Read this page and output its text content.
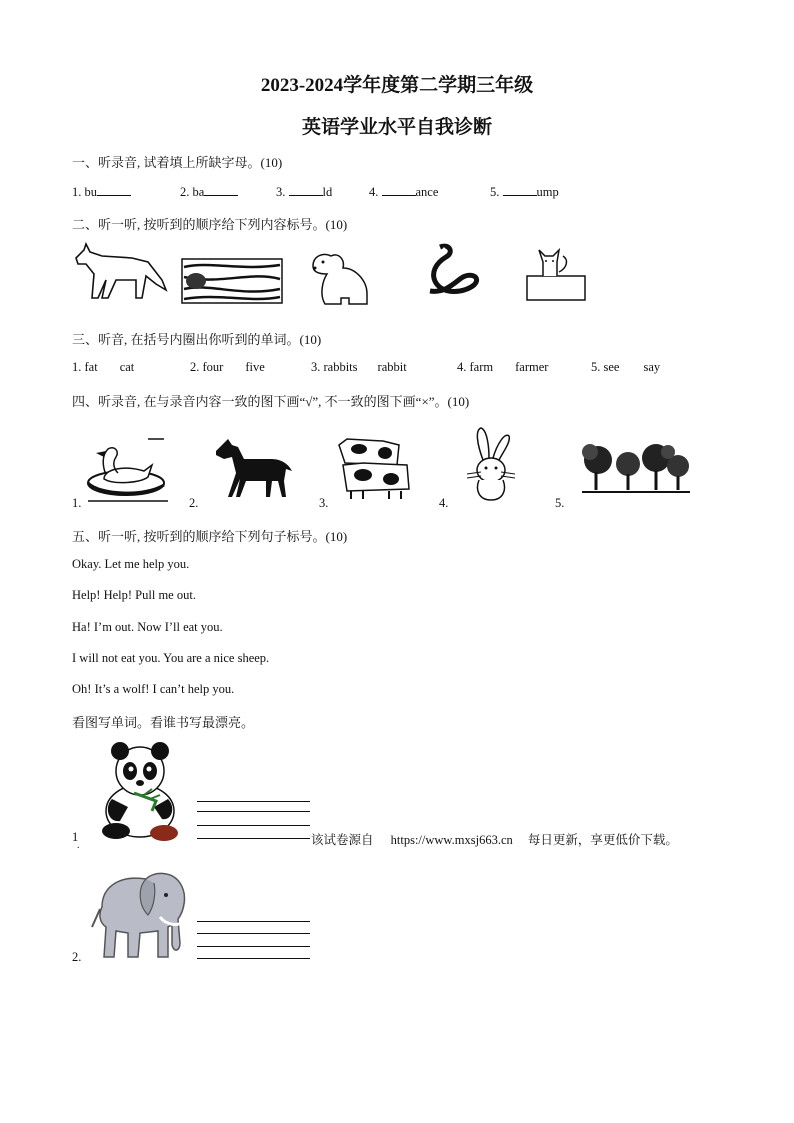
2023-2024学年度第二学期三年级
英语学业水平自我诊断
一、听录音, 试着填上所缺字母。(10)
1. bu	2. ba	3.	ld	4.	ance	5.	ump
二、听一听, 按听到的顺序给下列内容标号。(10)
三、听音, 在括号内圈出你听到的单词。(10)
1. fat cat	2. four five	3. rabbits rabbit	4. farm farmer	5. see say
四、听录音, 在与录音内容一致的图下画“√”, 不一致的图下画“×”。(10)
1.	2.	3.	4.	5.
五、听一听, 按听到的顺序给下列句子标号。(10)
Okay. Let me help you.
Help! Help! Pull me out.
Ha! I’m out. Now I’ll eat you.
I will not eat you. You are a nice sheep.
Oh! It’s a wolf! I can’t help you.
看图写单词。看谁书写最漂亮。
1
.	该试卷源自 https://www.mxsj663.cn 每日更新，享更低价下载。
2.
